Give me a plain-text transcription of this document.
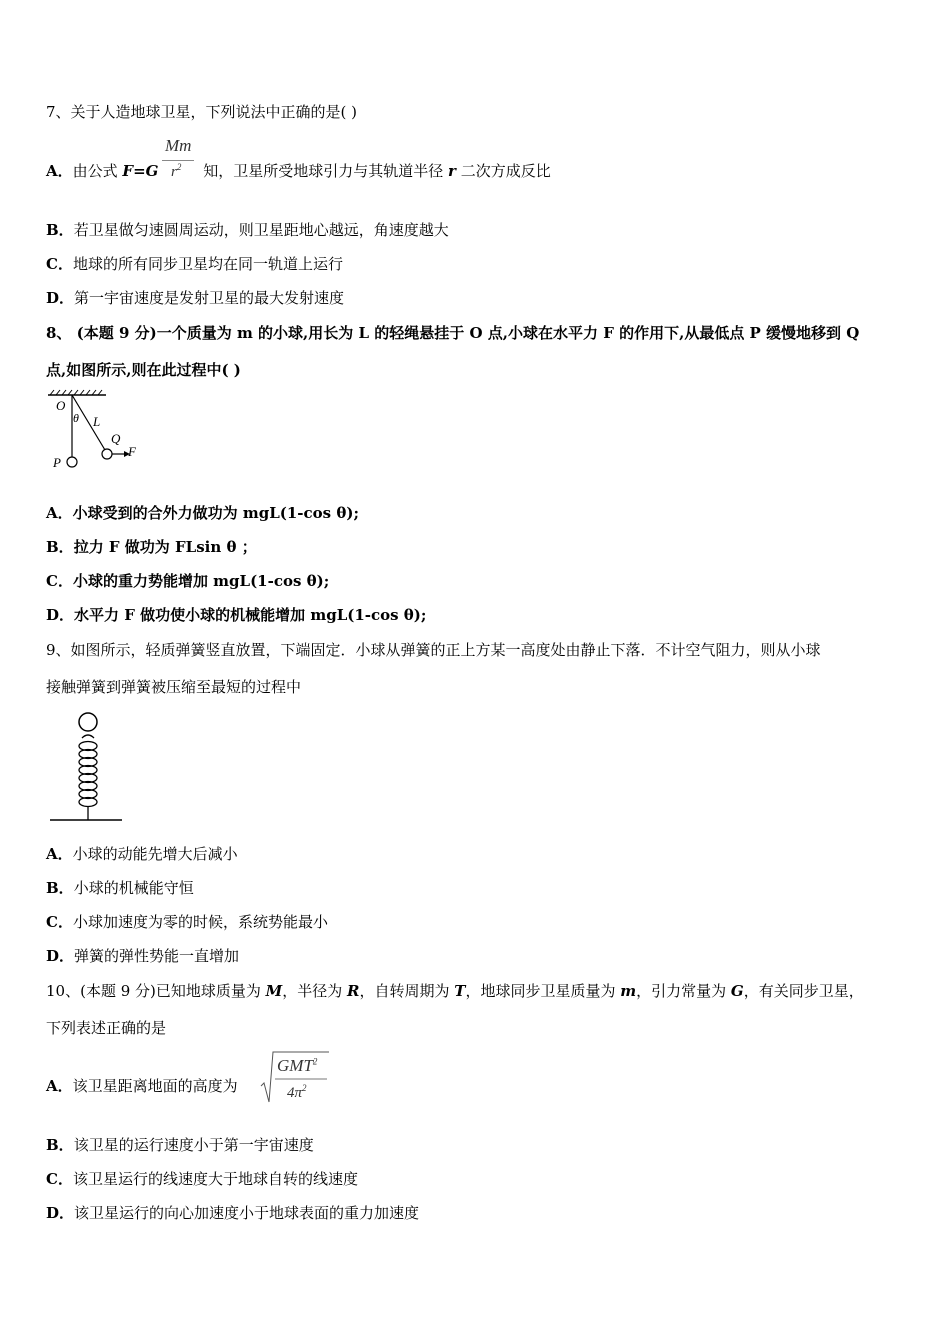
7、关于人造地球卫星，下列说法中正确的是( )
A．由公式 F=G	知，卫星所受地球引力与其轨道半径 r 二次方成反比
Mm
$r^2$
B．若卫星做匀速圆周运动，则卫星距地心越远，角速度越大
C．地球的所有同步卫星均在同一轨道上运行
D．第一宇宙速度是发射卫星的最大发射速度
8、 (本题 9 分)一个质量为 m 的小球,用长为 L 的轻绳悬挂于 O 点,小球在水平力 F 的作用下,从最低点 P 缓慢地移到 Q
点,如图所示,则在此过程中( )
O
θ L
Q
F
P
A．小球受到的合外力做功为 mgL(1-cos θ);
B．拉力 F 做功为 FLsin θ ；
C．小球的重力势能增加 mgL(1-cos θ);
D．水平力 F 做功使小球的机械能增加 mgL(1-cos θ);
9、如图所示，轻质弹簧竖直放置，下端固定．小球从弹簧的正上方某一高度处由静止下落．不计空气阻力，则从小球
接触弹簧到弹簧被压缩至最短的过程中
A．小球的动能先增大后减小
B．小球的机械能守恒
C．小球加速度为零的时候，系统势能最小
D．弹簧的弹性势能一直增加
10、(本题 9 分)已知地球质量为 M，半径为 R，自转周期为 T，地球同步卫星质量为 m，引力常量为 G，有关同步卫星，
下列表述正确的是
A．该卫星距离地面的高度为
GMT$^2$
$4\pi^2$
B．该卫星的运行速度小于第一宇宙速度
C．该卫星运行的线速度大于地球自转的线速度
D．该卫星运行的向心加速度小于地球表面的重力加速度
